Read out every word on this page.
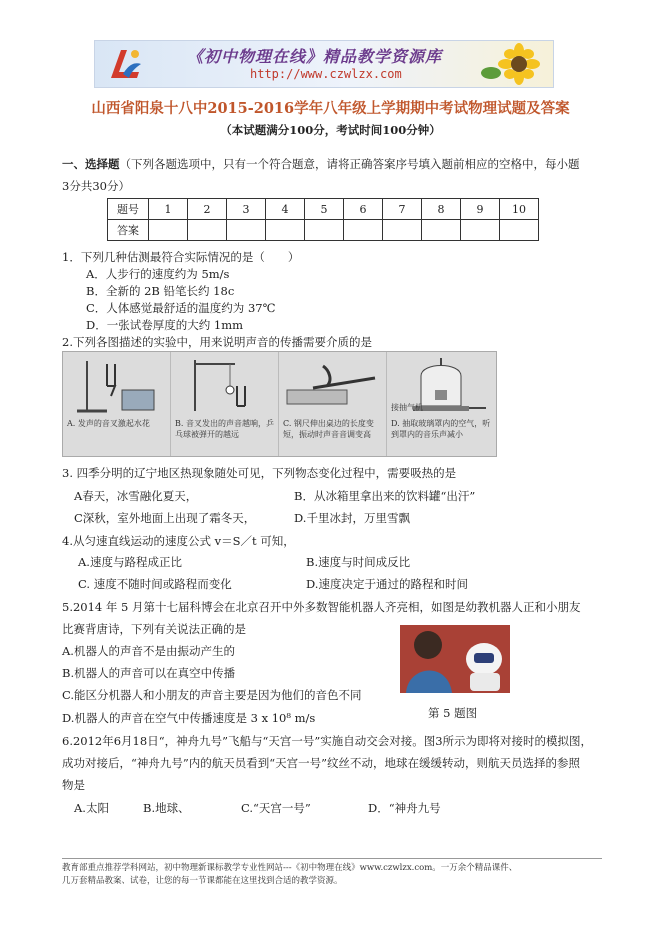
《初中物理在线》精品教学资源库
http://www.czwlzx.com
山西省阳泉十八中2015-2016学年八年级上学期期中考试物理试题及答案
（本试题满分100分，考试时间100分钟）
一、选择题（下列各题选项中，只有一个符合题意，请将正确答案序号填入题前相应的空格中，每小题
3分共30分）
题号	1	2	3	4	5	6	7	8	9	10
答案										
1．下列几种估测最符合实际情况的是（　　）
A．人步行的速度约为 5m/s
B．全新的 2B 铅笔长约 18c
C．人体感觉最舒适的温度约为 37℃
D．一张试卷厚度的大约 1mm
2.下列各图描述的实验中，用来说明声音的传播需要介质的是
A. 发声的音叉激起水花	B. 音叉发出的声音越响，乒乓球被弹开的越远
C. 钢尺伸出桌边的长度变短，振动时声音音调变高
接抽气机
D. 抽取玻璃罩内的空气，听到罩内的音乐声减小
3. 四季分明的辽宁地区热现象随处可见，下列物态变化过程中，需要吸热的是
A春天，冰雪融化夏天，	B．从冰箱里拿出来的饮料罐“出汗”
C深秋，室外地面上出现了霜冬天，	D.千里冰封，万里雪飘
4.从匀速直线运动的速度公式 v＝S／t 可知，
A.速度与路程成正比	B.速度与时间成反比
C. 速度不随时间或路程而变化	D.速度决定于通过的路程和时间
5.2014 年 5 月第十七届科博会在北京召开中外多数智能机器人齐亮相，如图是幼教机器人正和小朋友
比赛背唐诗，下列有关说法正确的是
A.机器人的声音不是由振动产生的
B.机器人的声音可以在真空中传播
C.能区分机器人和小朋友的声音主要是因为他们的音色不同
D.机器人的声音在空气中传播速度是 3 x 10⁸ m/s	第 5 题图
6.2012年6月18日“，神舟九号”飞船与“天宫一号”实施自动交会对接。图3所示为即将对接时的模拟图，
成功对接后，“神舟九号”内的航天员看到“天宫一号”纹丝不动，地球在缓缓转动，则航天员选择的参照
物是
A.太阳	B.地球、	C.“天宫一号”	D．“神舟九号
教育部重点推荐学科网站，初中物理新课标教学专业性网站---《初中物理在线》www.czwlzx.com。一万余个精品课件、
几万套精品教案、试卷，让您的每一节课都能在这里找到合适的教学资源。
